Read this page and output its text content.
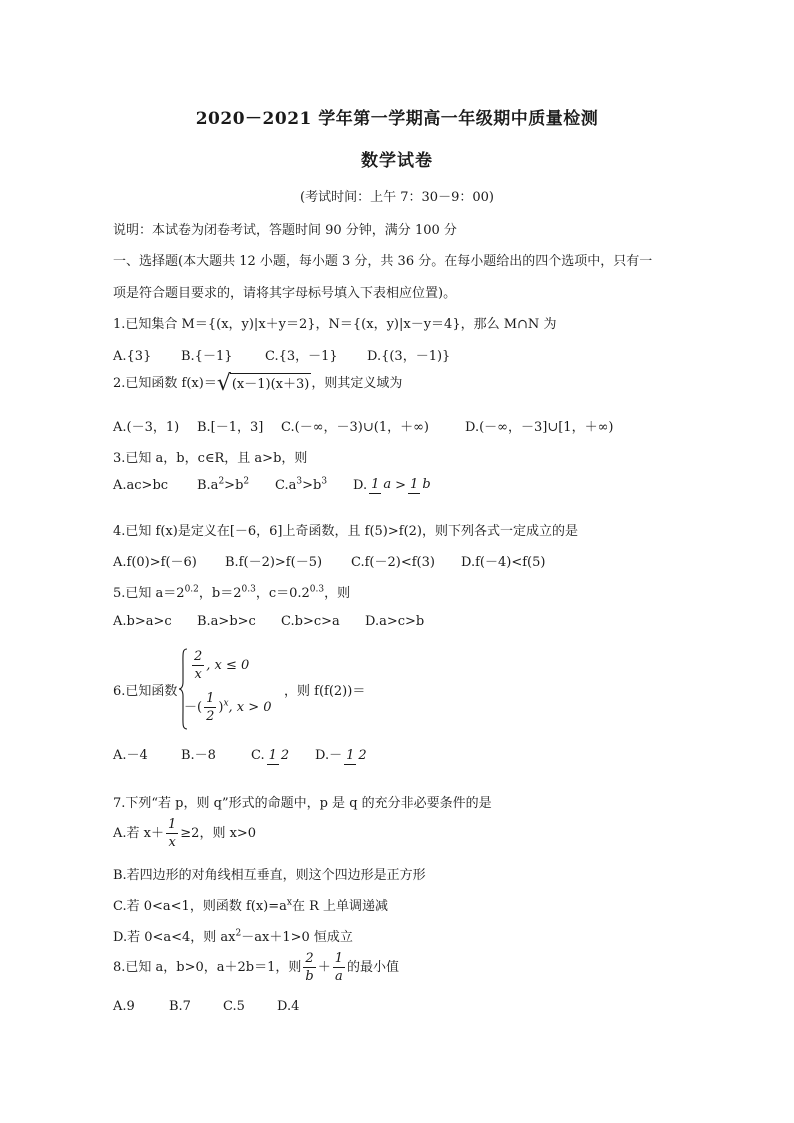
2020－2021 学年第一学期高一年级期中质量检测
数学试卷
(考试时间：上午 7：30－9：00)
说明：本试卷为闭卷考试，答题时间 90 分钟，满分 100 分
一、选择题(本大题共 12 小题，每小题 3 分，共 36 分。在每小题给出的四个选项中，只有一
项是符合题目要求的，请将其字母标号填入下表相应位置)。
1.已知集合 M＝{(x，y)|x＋y＝2}，N＝{(x，y)|x－y＝4}，那么 M∩N 为
A.{3} B.{－1}	C.{3，－1} D.{(3，－1)}
2.已知函数 f(x)＝ √ (x－1)(x＋3) ，则其定义域为
A.(－3，1) B.[－1，3] C.(－∞，－3)∪(1，＋∞)	D.(－∞，－3]∪[1，＋∞)
3.已知 a，b，c∈R，且 a>b，则
A.ac>bc $B.a^2>b^2$ $C.a^3>b^3$ D. 1 a > 1 b
4.已知 f(x)是定义在[－6，6]上奇函数，且 f(5)>f(2)，则下列各式一定成立的是
A.f(0)>f(－6) B.f(－2)>f(－5) C.f(－2)<f(3) D.f(－4)<f(5)
5.已知 $a=2^{0.2}$，$b=2^{0.3}$，$c=0.2^{0.3}$，则
A.b>a>c B.a>b>c C.b>c>a D.a>c>b
6.已知函数
$\frac{2}{x}$ , x ≤ 0
－( $\frac{1}{2} )^x$, x > 0
，则 f(f(2))＝
A.－4	B.－8	C. 1 2 D.－ 1 2
7.下列“若 p，则 q”形式的命题中，p 是 q 的充分非必要条件的是
A.若 $x+ \frac{1}{x} \ge 2$，则 x>0
B.若四边形的对角线相互垂直，则这个四边形是正方形
C.若 0<a<1，则函数 $f(x)=a^x$在 R 上单调递减
D.若 0<a<4，则 $ax^2-ax+1>0$ 恒成立
8.已知 a，b>0，a＋2b＝1，则 $\frac{2}{b} + \frac{1}{a}$ 的最小值
A.9	B.7 C.5 D.4
